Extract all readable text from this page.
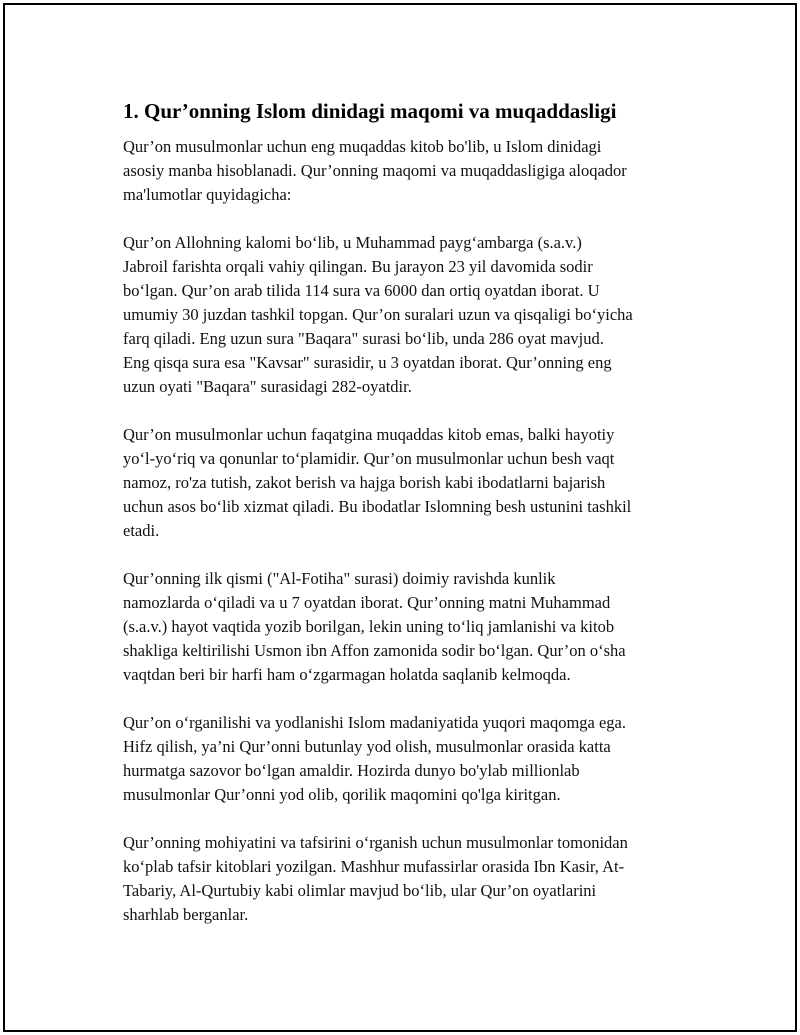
1. Qur’onning Islom dinidagi maqomi va muqaddasligi

Qur’on musulmonlar uchun eng muqaddas kitob bo'lib, u Islom dinidagi
asosiy manba hisoblanadi. Qur’onning maqomi va muqaddasligiga aloqador
ma'lumotlar quyidagicha:

Qur’on Allohning kalomi bo‘lib, u Muhammad payg‘ambarga (s.a.v.)
Jabroil farishta orqali vahiy qilingan. Bu jarayon 23 yil davomida sodir
bo‘lgan. Qur’on arab tilida 114 sura va 6000 dan ortiq oyatdan iborat. U
umumiy 30 juzdan tashkil topgan. Qur’on suralari uzun va qisqaligi bo‘yicha
farq qiladi. Eng uzun sura "Baqara" surasi bo‘lib, unda 286 oyat mavjud.
Eng qisqa sura esa "Kavsar" surasidir, u 3 oyatdan iborat. Qur’onning eng
uzun oyati "Baqara" surasidagi 282-oyatdir.

Qur’on musulmonlar uchun faqatgina muqaddas kitob emas, balki hayotiy
yo‘l-yo‘riq va qonunlar to‘plamidir. Qur’on musulmonlar uchun besh vaqt
namoz, ro'za tutish, zakot berish va hajga borish kabi ibodatlarni bajarish
uchun asos bo‘lib xizmat qiladi. Bu ibodatlar Islomning besh ustunini tashkil
etadi.

Qur’onning ilk qismi ("Al-Fotiha" surasi) doimiy ravishda kunlik
namozlarda o‘qiladi va u 7 oyatdan iborat. Qur’onning matni Muhammad
(s.a.v.) hayot vaqtida yozib borilgan, lekin uning to‘liq jamlanishi va kitob
shakliga keltirilishi Usmon ibn Affon zamonida sodir bo‘lgan. Qur’on o‘sha
vaqtdan beri bir harfi ham o‘zgarmagan holatda saqlanib kelmoqda.

Qur’on o‘rganilishi va yodlanishi Islom madaniyatida yuqori maqomga ega.
Hifz qilish, ya’ni Qur’onni butunlay yod olish, musulmonlar orasida katta
hurmatga sazovor bo‘lgan amaldir. Hozirda dunyo bo'ylab millionlab
musulmonlar Qur’onni yod olib, qorilik maqomini qo'lga kiritgan.

Qur’onning mohiyatini va tafsirini o‘rganish uchun musulmonlar tomonidan
ko‘plab tafsir kitoblari yozilgan. Mashhur mufassirlar orasida Ibn Kasir, At-
Tabariy, Al-Qurtubiy kabi olimlar mavjud bo‘lib, ular Qur’on oyatlarini
sharhlab berganlar.
